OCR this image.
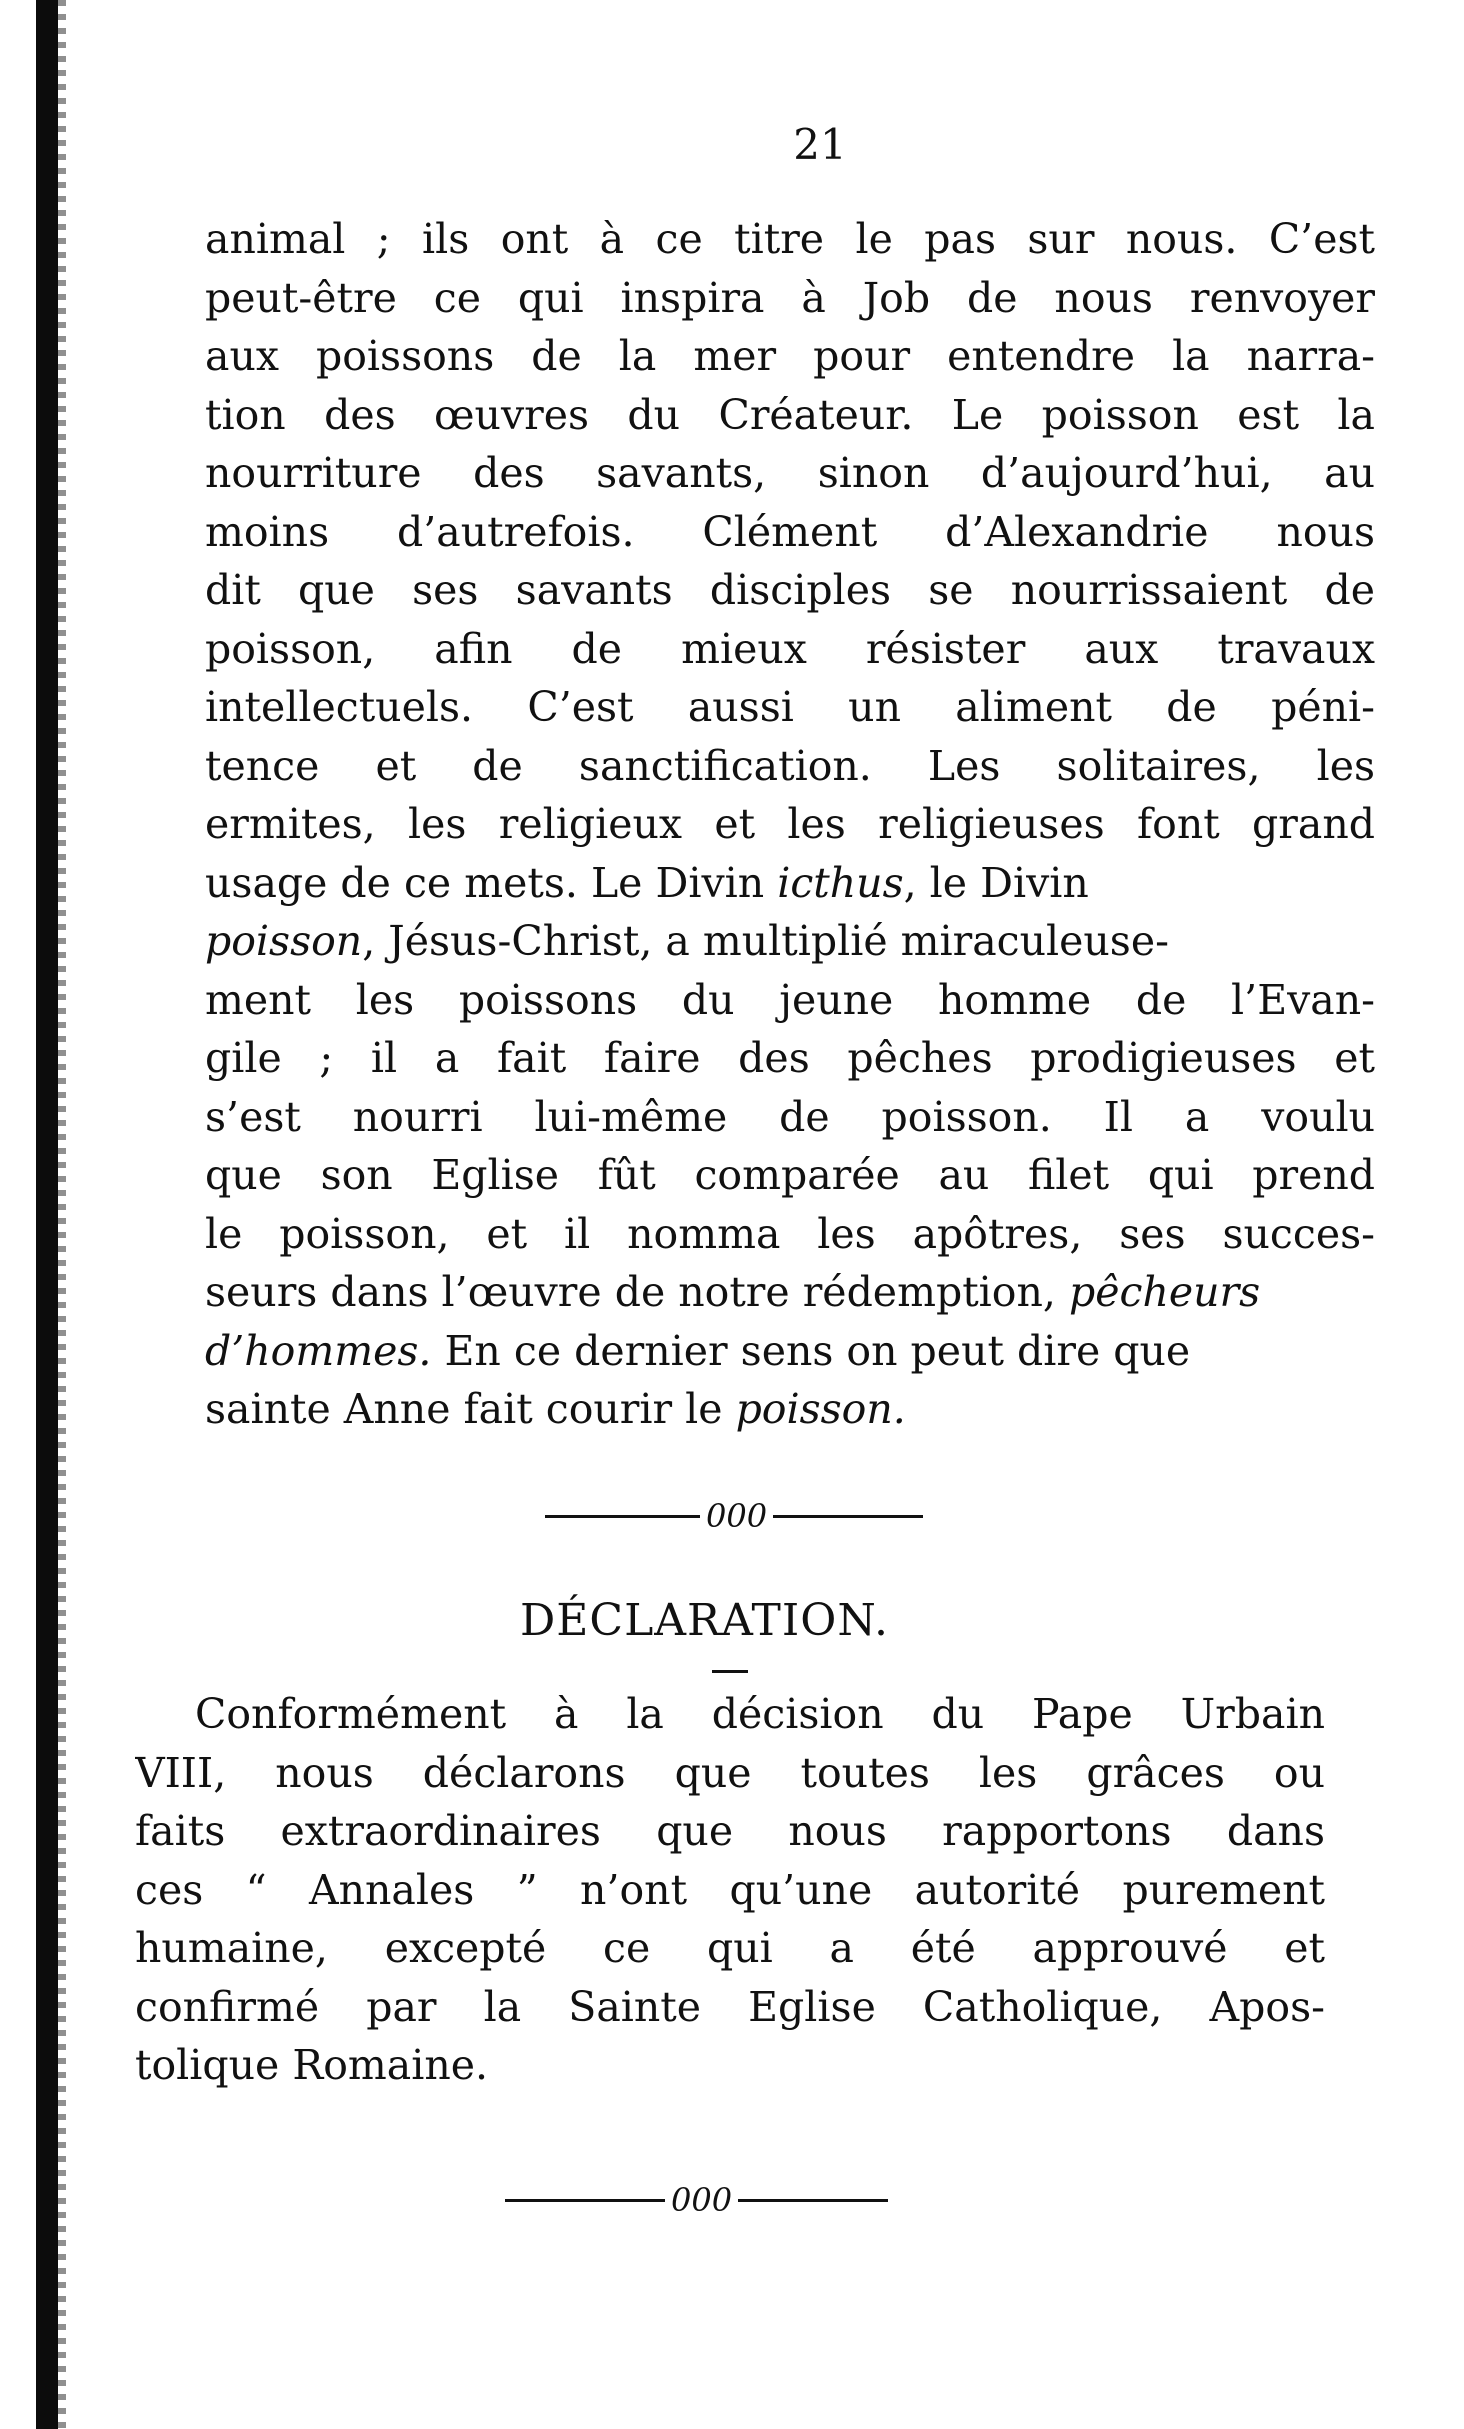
21
animal ; ils ont à ce titre le pas sur nous. C’est
peut-être ce qui inspira à Job de nous renvoyer
aux poissons de la mer pour entendre la narra-
tion des œuvres du Créateur. Le poisson est la
nourriture des savants, sinon d’aujourd’hui, au
moins d’autrefois. Clément d’Alexandrie nous
dit que ses savants disciples se nourrissaient de
poisson, afin de mieux résister aux travaux
intellectuels. C’est aussi un aliment de péni-
tence et de sanctification. Les solitaires, les
ermites, les religieux et les religieuses font grand
usage de ce mets. Le Divin icthus, le Divin
poisson, Jésus-Christ, a multiplié miraculeuse-
ment les poissons du jeune homme de l’Evan-
gile ; il a fait faire des pêches prodigieuses et
s’est nourri lui-même de poisson. Il a voulu
que son Eglise fût comparée au filet qui prend
le poisson, et il nomma les apôtres, ses succes-
seurs dans l’œuvre de notre rédemption, pêcheurs
d’hommes. En ce dernier sens on peut dire que
sainte Anne fait courir le poisson.
000
DÉCLARATION.
Conformément à la décision du Pape Urbain
VIII, nous déclarons que toutes les grâces ou
faits extraordinaires que nous rapportons dans
ces “ Annales ” n’ont qu’une autorité purement
humaine, excepté ce qui a été approuvé et
confirmé par la Sainte Eglise Catholique, Apos-
tolique Romaine.
000
